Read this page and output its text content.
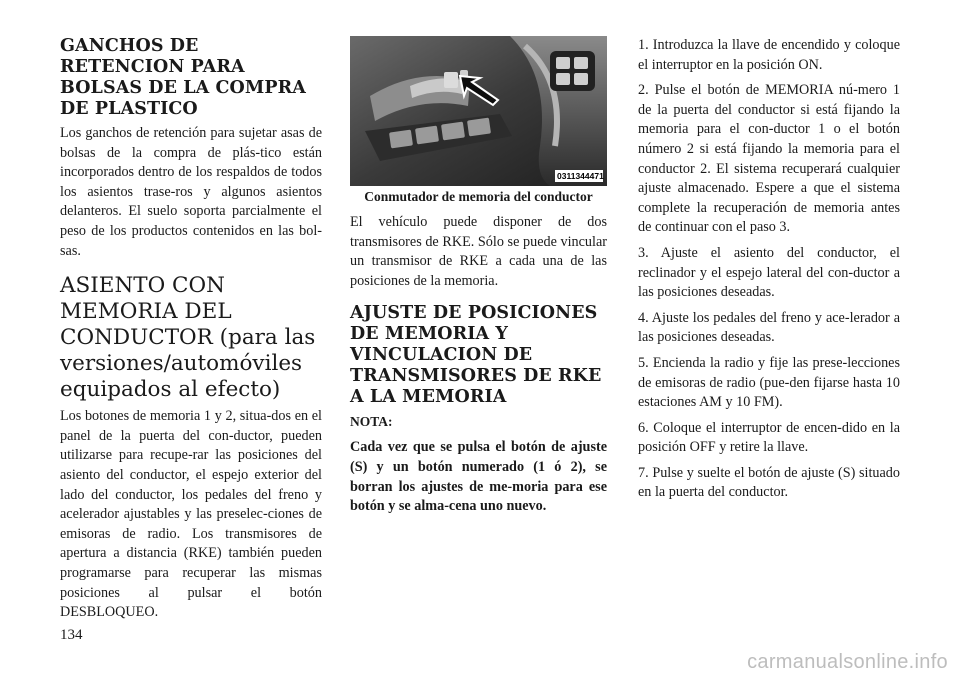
GANCHOS DE RETENCION PARA BOLSAS DE LA COMPRA DE PLASTICO

Los ganchos de retención para sujetar asas de bolsas de la compra de plás-tico están incorporados dentro de los respaldos de todos los asientos trase-ros y algunos asientos delanteros. El suelo soporta parcialmente el peso de los productos contenidos en las bol-sas.

ASIENTO CON MEMORIA DEL CONDUCTOR (para las versiones/automóviles equipados al efecto)

Los botones de memoria 1 y 2, situa-dos en el panel de la puerta del con-ductor, pueden utilizarse para recupe-rar las posiciones del asiento del conductor, el espejo exterior del lado del conductor, los pedales del freno y acelerador ajustables y las preselec-ciones de emisoras de radio. Los transmisores de apertura a distancia (RKE) también pueden programarse para recuperar las mismas posiciones al pulsar el botón DESBLOQUEO.

0311344471
Conmutador de memoria del conductor

El vehículo puede disponer de dos transmisores de RKE. Sólo se puede vincular un transmisor de RKE a cada una de las posiciones de la memoria.

AJUSTE DE POSICIONES DE MEMORIA Y VINCULACION DE TRANSMISORES DE RKE A LA MEMORIA
NOTA:

Cada vez que se pulsa el botón de ajuste (S) y un botón numerado (1 ó 2), se borran los ajustes de me-moria para ese botón y se alma-cena uno nuevo.

1. Introduzca la llave de encendido y coloque el interruptor en la posición ON.

2. Pulse el botón de MEMORIA nú-mero 1 de la puerta del conductor si está fijando la memoria para el con-ductor 1 o el botón número 2 si está fijando la memoria para el conductor 2. El sistema recuperará cualquier ajuste almacenado. Espere a que el sistema complete la recuperación de memoria antes de continuar con el paso 3.

3. Ajuste el asiento del conductor, el reclinador y el espejo lateral del con-ductor a las posiciones deseadas.

4. Ajuste los pedales del freno y ace-lerador a las posiciones deseadas.

5. Encienda la radio y fije las prese-lecciones de emisoras de radio (pue-den fijarse hasta 10 estaciones AM y 10 FM).

6. Coloque el interruptor de encen-dido en la posición OFF y retire la llave.

7. Pulse y suelte el botón de ajuste (S) situado en la puerta del conductor.

134
carmanualsonline.info
